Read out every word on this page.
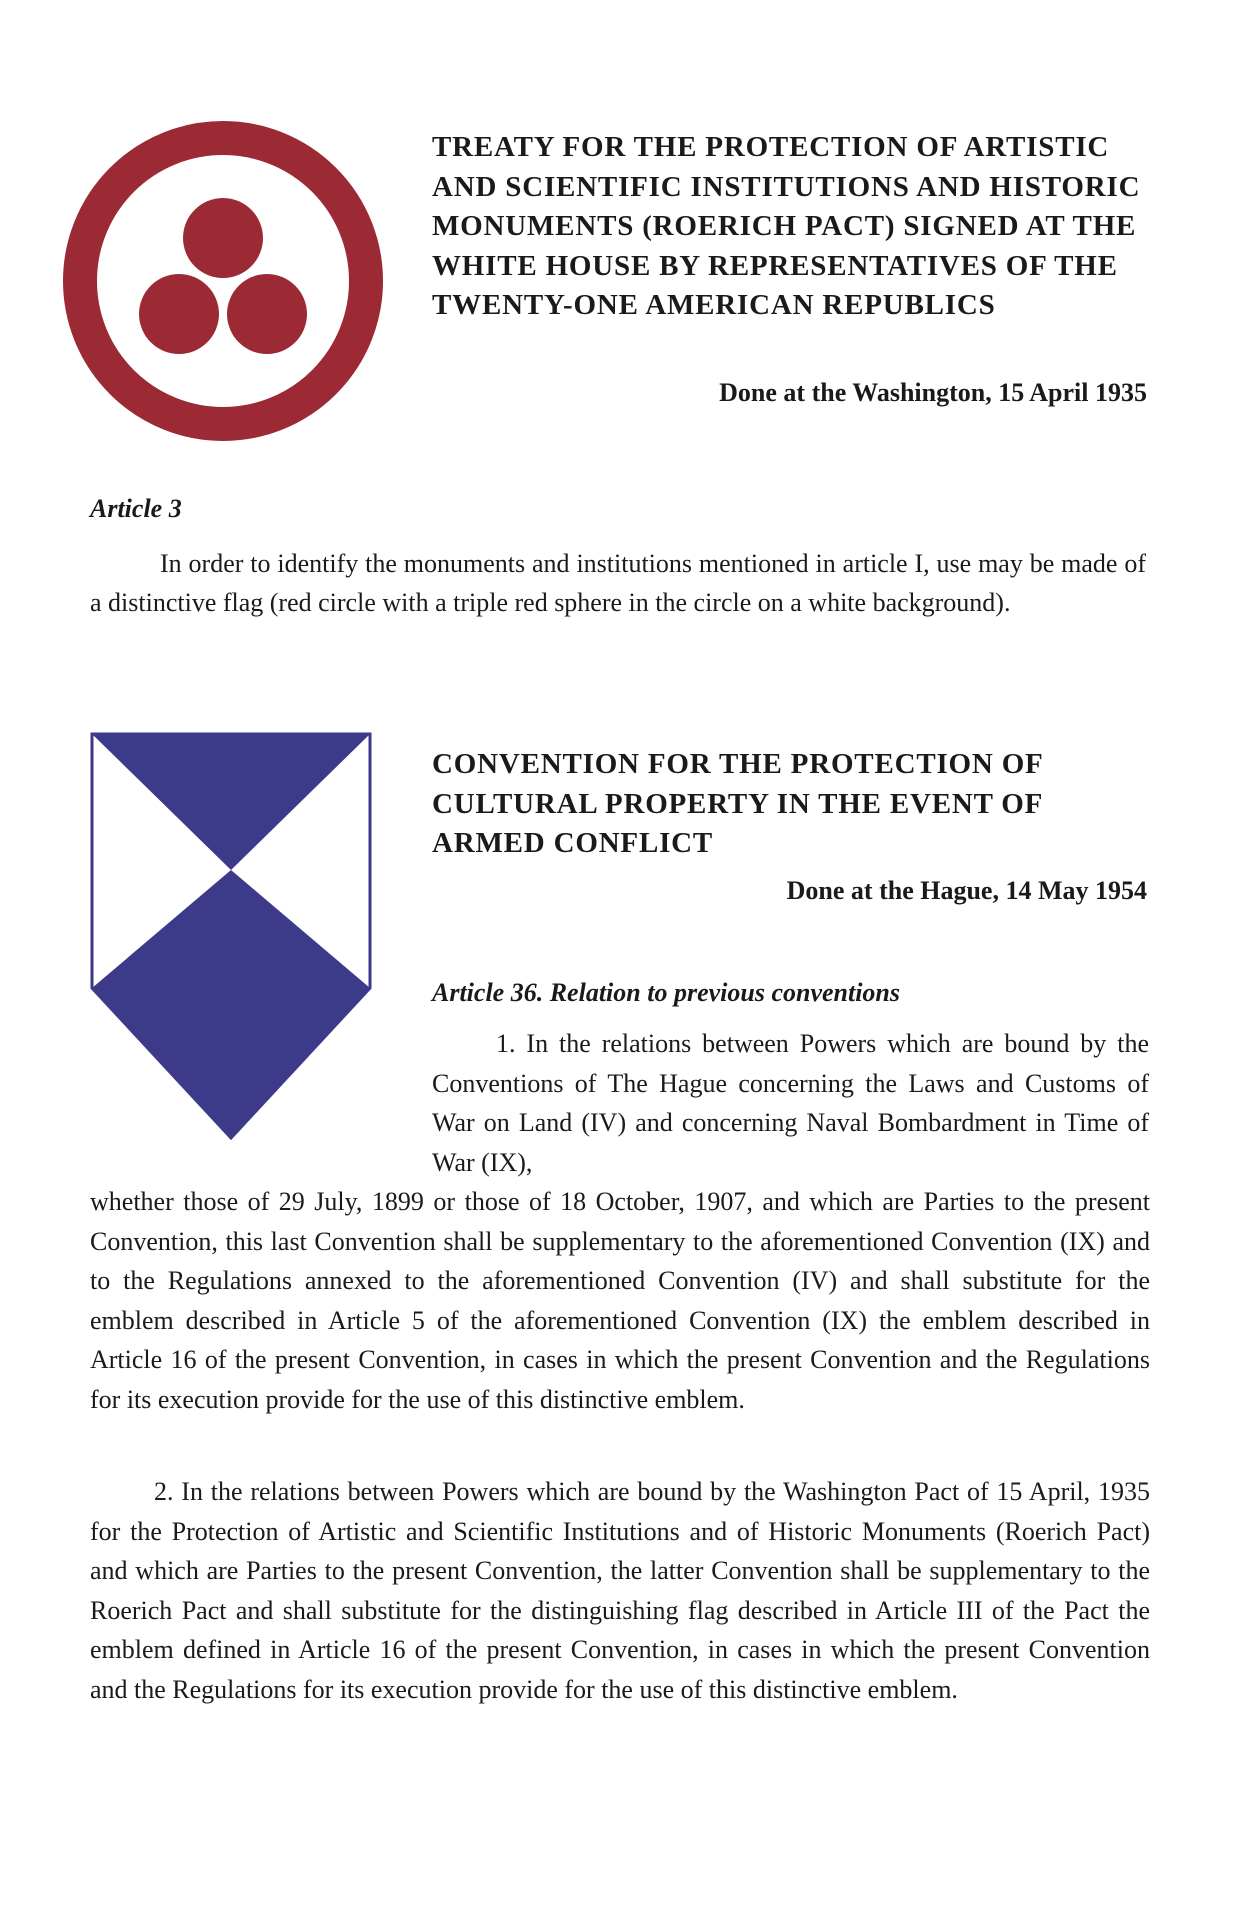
TREATY FOR THE PROTECTION OF ARTISTIC AND SCIENTIFIC INSTITUTIONS AND HISTORIC MONUMENTS (ROERICH PACT) SIGNED AT THE WHITE HOUSE BY REPRESENTATIVES OF THE TWENTY-ONE AMERICAN REPUBLICS

Done at the Washington, 15 April 1935

Article 3

In order to identify the monuments and institutions mentioned in article I, use may be made of a distinctive flag (red circle with a triple red sphere in the circle on a white background).

CONVENTION FOR THE PROTECTION OF CULTURAL PROPERTY IN THE EVENT OF ARMED CONFLICT

Done at the Hague, 14 May 1954

Article 36. Relation to previous conventions

1. In the relations between Powers which are bound by the Conventions of The Hague concerning the Laws and Customs of War on Land (IV) and concerning Naval Bombardment in Time of War (IX),

whether those of 29 July, 1899 or those of 18 October, 1907, and which are Parties to the present Convention, this last Convention shall be supplementary to the aforementioned Convention (IX) and to the Regulations annexed to the aforementioned Convention (IV) and shall substitute for the emblem described in Article 5 of the aforementioned Convention (IX) the emblem described in Article 16 of the present Convention, in cases in which the present Convention and the Regulations for its execution provide for the use of this distinctive emblem.

2. In the relations between Powers which are bound by the Washington Pact of 15 April, 1935 for the Protection of Artistic and Scientific Institutions and of Historic Monuments (Roerich Pact) and which are Parties to the present Convention, the latter Convention shall be supplementary to the Roerich Pact and shall substitute for the distinguishing flag described in Article III of the Pact the emblem defined in Article 16 of the present Convention, in cases in which the present Convention and the Regulations for its execution provide for the use of this distinctive emblem.
